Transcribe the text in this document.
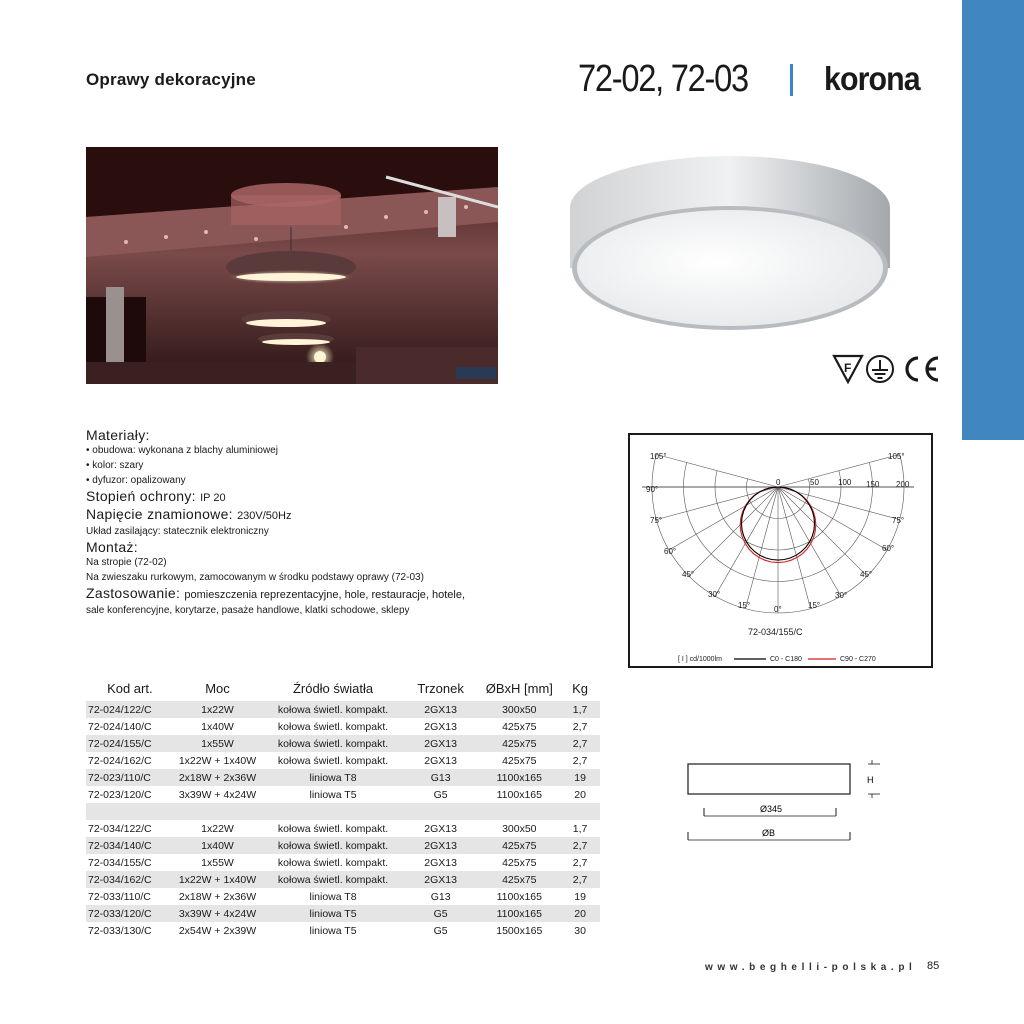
Oprawy dekoracyjne	72-02, 72-03 korona
F
Materiały:
• obudowa: wykonana z blachy aluminiowej
• kolor: szary
• dyfuzor: opalizowany
Stopień ochrony: IP 20
Napięcie znamionowe: 230V/50Hz
Układ zasilający: statecznik elektroniczny
Montaż:
Na stropie (72-02)
Na zwieszaku rurkowym, zamocowanym w środku podstawy oprawy (72-03)
Zastosowanie: pomieszczenia reprezentacyjne, hole, restauracje, hotele,
sale konferencyjne, korytarze, pasaże handlowe, klatki schodowe, sklepy
105°	105°
90°
75°	75°
60°	60°
45°	45°
30°	30°
15°	15°
0°
0	50 100 150 200
72-034/155/C
[ I ] cd/1000lm	C0 - C180	C90 - C270
Kod art.	Moc	Źródło światła	Trzonek	ØBxH [mm]	Kg
72-024/122/C	1x22W	kołowa świetl. kompakt.	2GX13	300x50	1,7
72-024/140/C	1x40W	kołowa świetl. kompakt.	2GX13	425x75	2,7
72-024/155/C	1x55W	kołowa świetl. kompakt.	2GX13	425x75	2,7
72-024/162/C	1x22W + 1x40W	kołowa świetl. kompakt.	2GX13	425x75	2,7
72-023/110/C	2x18W + 2x36W	liniowa T8	G13	1100x165	19
72-023/120/C	3x39W + 4x24W	liniowa T5	G5	1100x165	20
72-034/122/C	1x22W	kołowa świetl. kompakt.	2GX13	300x50	1,7
72-034/140/C	1x40W	kołowa świetl. kompakt.	2GX13	425x75	2,7
72-034/155/C	1x55W	kołowa świetl. kompakt.	2GX13	425x75	2,7
72-034/162/C	1x22W + 1x40W	kołowa świetl. kompakt.	2GX13	425x75	2,7
72-033/110/C	2x18W + 2x36W	liniowa T8	G13	1100x165	19
72-033/120/C	3x39W + 4x24W	liniowa T5	G5	1100x165	20
72-033/130/C	2x54W + 2x39W	liniowa T5	G5	1500x165	30
H
Ø345
ØB
www.beghelli-polska.pl 85
